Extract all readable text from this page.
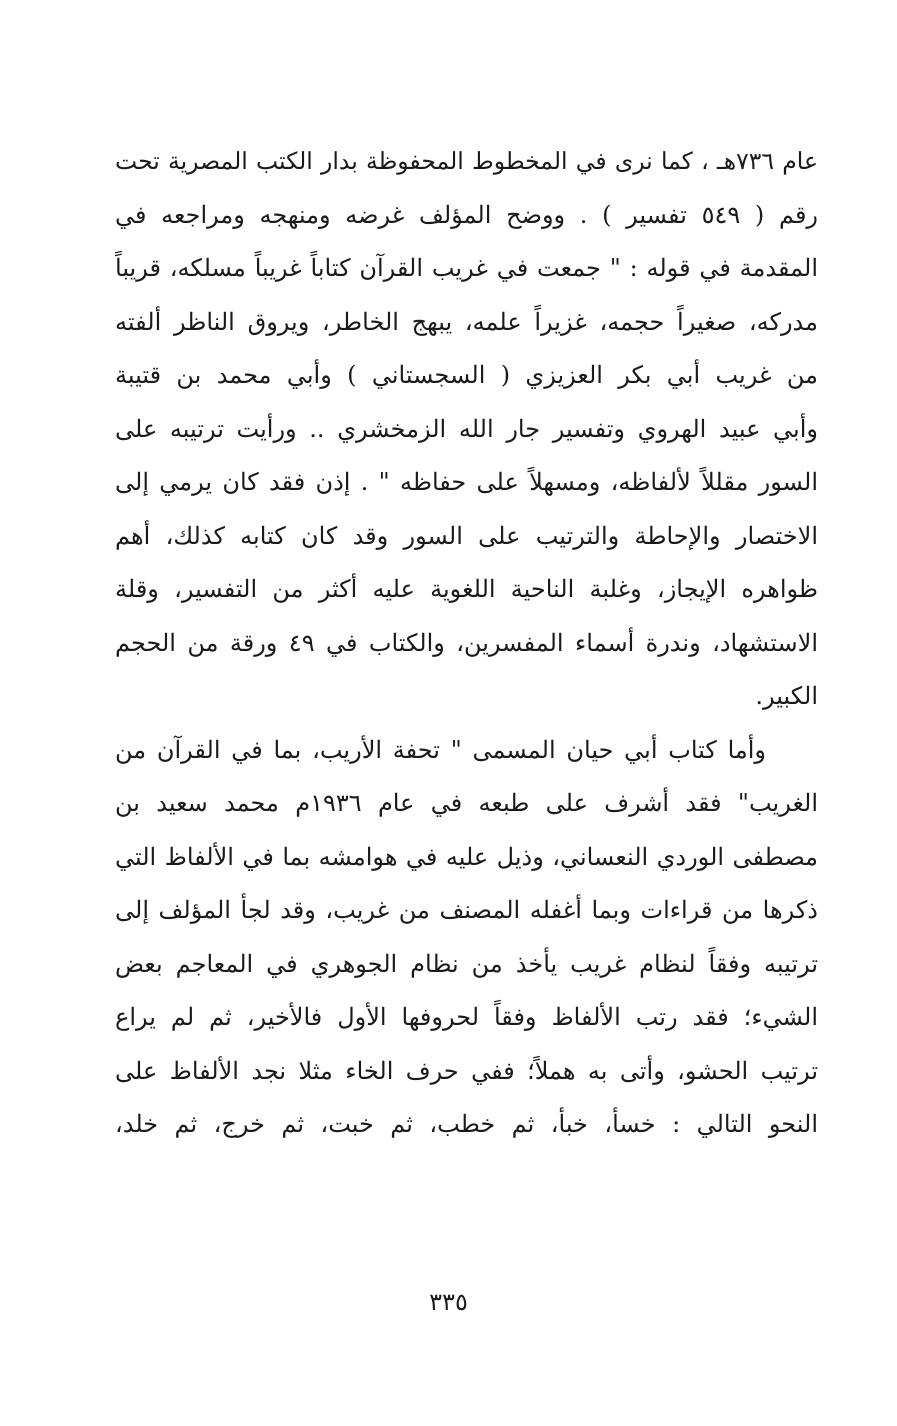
عام ٧٣٦هـ ، كما نرى في المخطوط المحفوظة بدار الكتب المصرية تحت
رقم ( ٥٤٩ تفسير ) . ووضح المؤلف غرضه ومنهجه ومراجعه في
المقدمة في قوله : " جمعت في غريب القرآن كتاباً غريباً مسلكه، قريباً
مدركه، صغيراً حجمه، غزيراً علمه، يبهج الخاطر، ويروق الناظر ألفته
من غريب أبي بكر العزيزي ( السجستاني ) وأبي محمد بن قتيبة
وأبي عبيد الهروي وتفسير جار الله الزمخشري .. ورأيت ترتيبه على
السور مقللاً لألفاظه، ومسهلاً على حفاظه " . إذن فقد كان يرمي إلى
الاختصار والإحاطة والترتيب على السور وقد كان كتابه كذلك، أهم
ظواهره الإيجاز، وغلبة الناحية اللغوية عليه أكثر من التفسير، وقلة
الاستشهاد، وندرة أسماء المفسرين، والكتاب في ٤٩ ورقة من الحجم
الكبير.
وأما كتاب أبي حيان المسمى " تحفة الأريب، بما في القرآن من
الغريب" فقد أشرف على طبعه في عام ١٩٣٦م محمد سعيد بن
مصطفى الوردي النعساني، وذيل عليه في هوامشه بما في الألفاظ التي
ذكرها من قراءات وبما أغفله المصنف من غريب، وقد لجأ المؤلف إلى
ترتيبه وفقاً لنظام غريب يأخذ من نظام الجوهري في المعاجم بعض
الشيء؛ فقد رتب الألفاظ وفقاً لحروفها الأول فالأخير، ثم لم يراع
ترتيب الحشو، وأتى به هملاً؛ ففي حرف الخاء مثلا نجد الألفاظ على
النحو التالي : خسأ، خبأ، ثم خطب، ثم خبت، ثم خرج، ثم خلد،
٣٣٥
